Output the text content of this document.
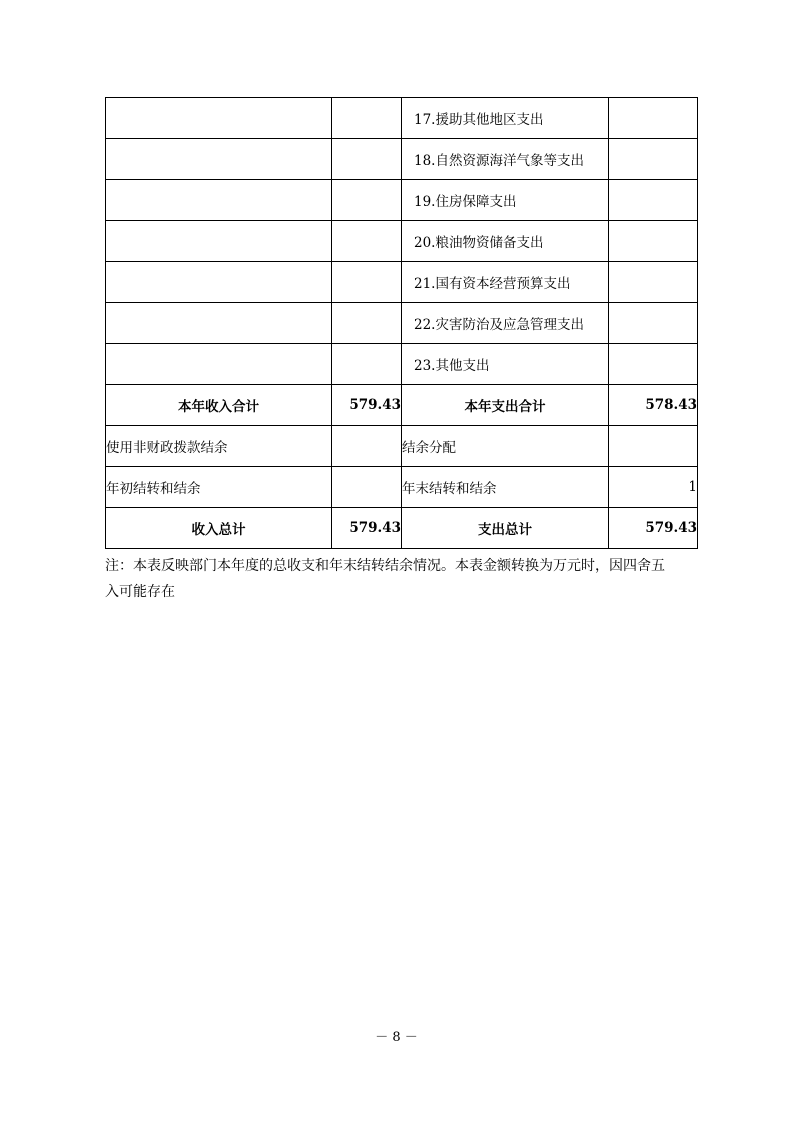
		17.援助其他地区支出	
		18.自然资源海洋气象等支出	
		19.住房保障支出	
		20.粮油物资储备支出	
		21.国有资本经营预算支出	
		22.灾害防治及应急管理支出	
		23.其他支出	
本年收入合计	579.43	本年支出合计	578.43
使用非财政拨款结余		结余分配	
年初结转和结余		年末结转和结余	1
收入总计	579.43	支出总计	579.43

注：本表反映部门本年度的总收支和年末结转结余情况。本表金额转换为万元时，因四舍五
入可能存在

－ 8 －
